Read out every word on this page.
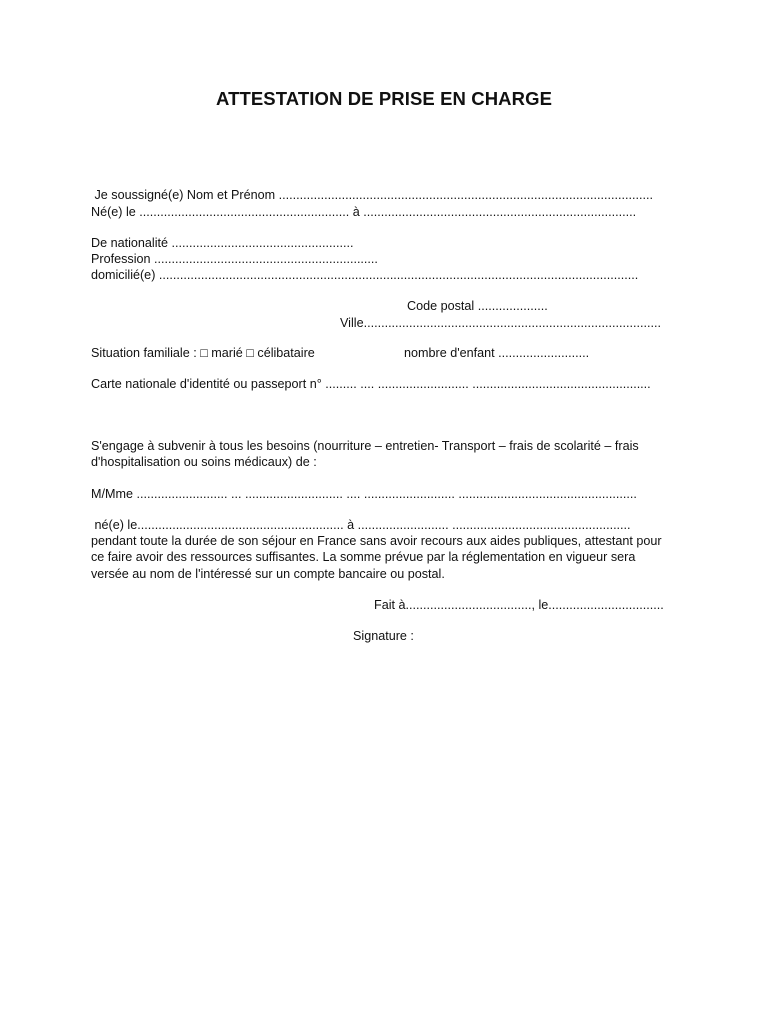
ATTESTATION DE PRISE EN CHARGE
Je soussigné(e) Nom et Prénom ...........................................................................................................
Né(e) le ............................................................ à ..............................................................................
De nationalité ....................................................
Profession ................................................................
domicilié(e) .........................................................................................................................................
Code postal ....................
Ville.....................................................................................
Situation familiale : □ marié □ célibataire	nombre d'enfant ..........................
Carte nationale d'identité ou passeport n° ......... .... .......................... ...................................................
S'engage à subvenir à tous les besoins (nourriture – entretien- Transport – frais de scolarité – frais d'hospitalisation ou soins médicaux) de :
M/Mme .......................... ... ............................ .... .......................... ...................................................
né(e) le........................................................... à .......................... ...................................................
pendant toute la durée de son séjour en France sans avoir recours aux aides publiques, attestant pour ce faire avoir des ressources suffisantes. La somme prévue par la réglementation en vigueur sera versée au nom de l'intéressé sur un compte bancaire ou postal.
Fait à...................................., le.................................
Signature :
